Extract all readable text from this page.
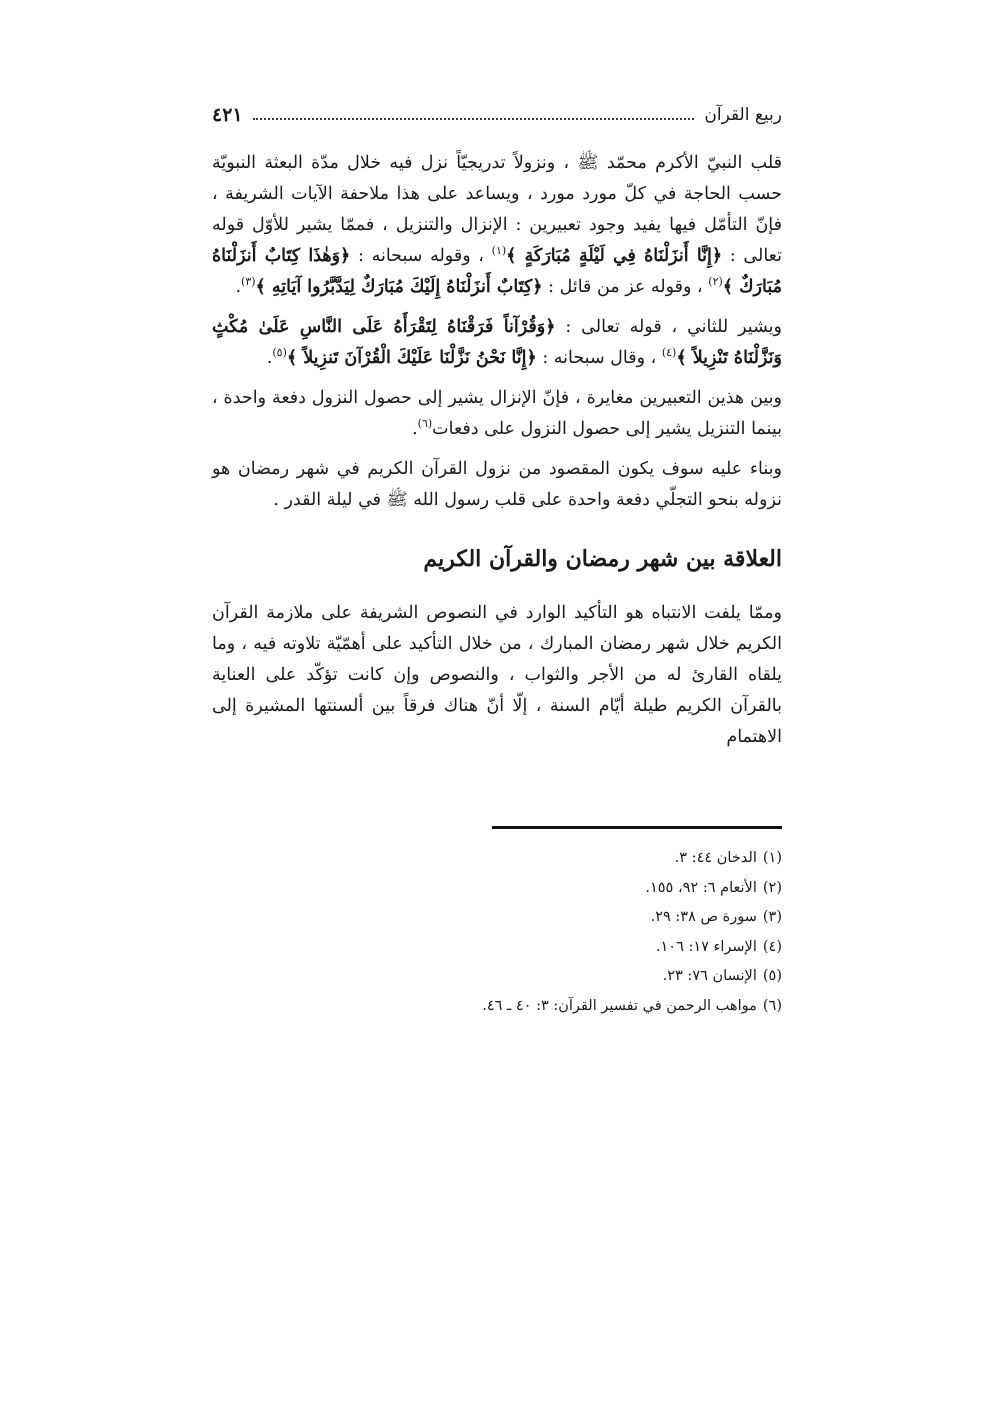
ربيع القرآن
٤٢١

قلب النبيّ الأكرم محمّد ﷺ ، ونزولاً تدريجيّاً نزل فيه خلال مدّة البعثة النبويّة حسب الحاجة في كلّ مورد مورد ، ويساعد على هذا ملاحفة الآيات الشريفة ، فإنّ التأمّل فيها يفيد وجود تعبيرين : الإنزال والتنزيل ، فممّا يشير للأوّل قوله تعالى : ﴿إِنَّا أَنزَلْنَاهُ فِي لَيْلَةٍ مُبَارَكَةٍ ﴾$^{(١)}$ ، وقوله سبحانه : ﴿وَهٰذَا كِتَابٌ أَنزَلْنَاهُ مُبَارَكٌ ﴾$^{(٢)}$ ، وقوله عز من قائل : ﴿كِتَابٌ أَنزَلْنَاهُ إِلَيْكَ مُبَارَكٌ لِيَدَّبَّرُوا آيَاتِهِ ﴾$^{(٣)}$.

ويشير للثاني ، قوله تعالى : ﴿وَقُرْآناً فَرَقْنَاهُ لِتَقْرَأَهُ عَلَى النَّاسِ عَلَىٰ مُكْثٍ وَنَزَّلْنَاهُ تَنْزِيلاً ﴾$^{(٤)}$ ، وقال سبحانه : ﴿إِنَّا نَحْنُ نَزَّلْنَا عَلَيْكَ الْقُرْآنَ تَنزِيلاً ﴾$^{(٥)}$.

وبين هذين التعبيرين مغايرة ، فإنّ الإنزال يشير إلى حصول النزول دفعة واحدة ، بينما التنزيل يشير إلى حصول النزول على دفعات$^{(٦)}$.

وبناء عليه سوف يكون المقصود من نزول القرآن الكريم في شهر رمضان هو نزوله بنحو التجلّي دفعة واحدة على قلب رسول الله ﷺ في ليلة القدر .

العلاقة بين شهر رمضان والقرآن الكريم

وممّا يلفت الانتباه هو التأكيد الوارد في النصوص الشريفة على ملازمة القرآن الكريم خلال شهر رمضان المبارك ، من خلال التأكيد على أهمّيّة تلاوته فيه ، وما يلقاه القارئ له من الأجر والثواب ، والنصوص وإن كانت تؤكّد على العناية بالقرآن الكريم طيلة أيّام السنة ، إلّا أنّ هناك فرقاً بين ألسنتها المشيرة إلى الاهتمام

(١)الدخان ٤٤: ٣.

(٢)الأنعام ٦: ٩٢، ١٥٥.

(٣)سورة ص ٣٨: ٢٩.

(٤)الإسراء ١٧: ١٠٦.

(٥)الإنسان ٧٦: ٢٣.

(٦)مواهب الرحمن في تفسير القرآن: ٣: ٤٠ ـ ٤٦.
